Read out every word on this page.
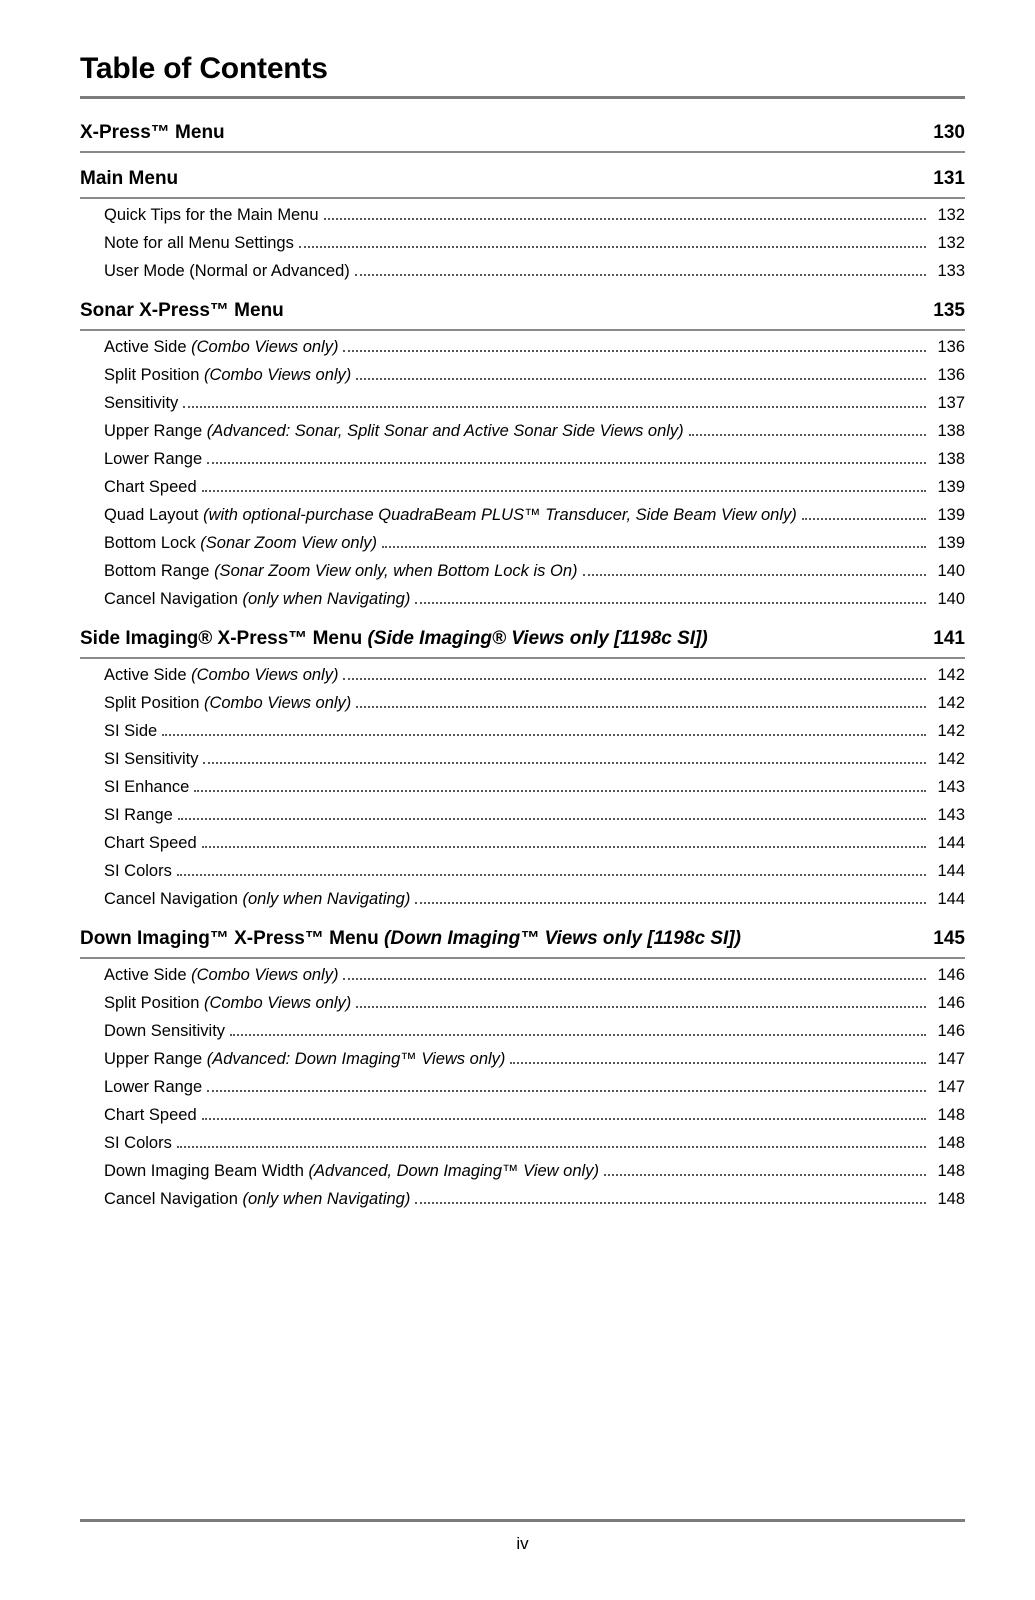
Table of Contents
X-Press™ Menu	130
Main Menu	131
Quick Tips for the Main Menu	132
Note for all Menu Settings	132
User Mode (Normal or Advanced)	133
Sonar X-Press™ Menu	135
Active Side (Combo Views only)	136
Split Position (Combo Views only)	136
Sensitivity	137
Upper Range (Advanced: Sonar, Split Sonar and Active Sonar Side Views only)	138
Lower Range	138
Chart Speed	139
Quad Layout (with optional-purchase QuadraBeam PLUS™ Transducer, Side Beam View only)	139
Bottom Lock (Sonar Zoom View only)	139
Bottom Range (Sonar Zoom View only, when Bottom Lock is On)	140
Cancel Navigation (only when Navigating)	140
Side Imaging® X-Press™ Menu (Side Imaging® Views only [1198c SI])	141
Active Side (Combo Views only)	142
Split Position (Combo Views only)	142
SI Side	142
SI Sensitivity	142
SI Enhance	143
SI Range	143
Chart Speed	144
SI Colors	144
Cancel Navigation (only when Navigating)	144
Down Imaging™ X-Press™ Menu (Down Imaging™ Views only [1198c SI])	145
Active Side (Combo Views only)	146
Split Position (Combo Views only)	146
Down Sensitivity	146
Upper Range (Advanced: Down Imaging™ Views only)	147
Lower Range	147
Chart Speed	148
SI Colors	148
Down Imaging Beam Width (Advanced, Down Imaging™ View only)	148
Cancel Navigation (only when Navigating)	148
iv
